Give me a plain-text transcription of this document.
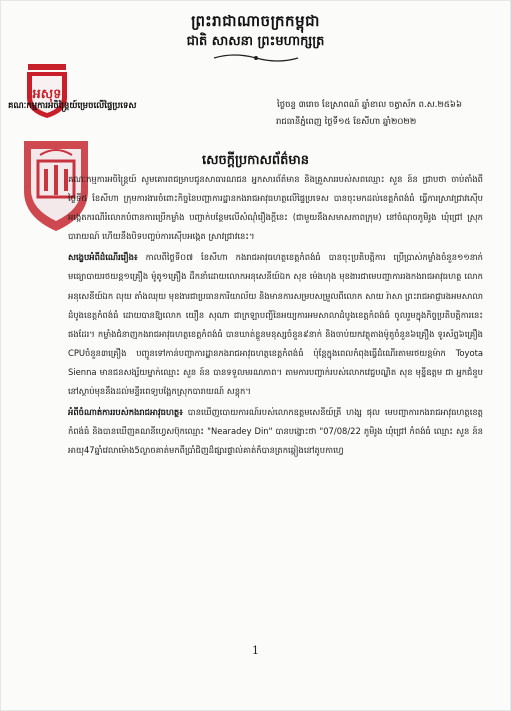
ព្រះរាជាណាចក្រកម្ពុជា
ជាតិ សាសនា ព្រះមហាក្សត្រ
អសុទ
គណៈកម្មការអចិន្ត្រៃយ៍ម្រេចលើផ្ទៃប្រទេស	ថ្ងៃចន្ទ ៣រោច ខែស្រាពណ៍ ឆ្នាំខាល ចត្វាស័ក ព.ស.២៥៦៦
រាជធានីភ្នំពេញ ថ្ងៃទី១៥ ខែសីហា ឆ្នាំ២០២២
សេចក្តីប្រកាសព័ត៌មាន

គណៈកម្មការអចិន្ត្រៃយ៍ សូមគោរពជម្រាបជូនសាធារណជន អ្នកសារព័ត៌មាន និងគ្រួសាររបស់សពឈ្មោះ សួន ន៍ន ជ្រាបថា ចាប់តាំងពីថ្ងៃទី៥ ខែសីហា ក្រុមការងារចំពោះកិច្ចនៃបញ្ហាការដ្ឋានកងរាជអាវុធហត្ថលើផ្ទៃប្រទេស បានចុះមកដល់ខេត្តកំពង់ធំ ធ្វើការស្រាវជ្រាវស៊ើបអង្កេតករណីរំលោភបំពានការប្រើកម្លាំង បញ្ជាក់បន្ថែមលើសំណុំរឿងក្តីនេះ (ជាមួយនឹងសមាសភាពក្រុម) នៅចំណុចភូមិរូង ឃុំជ្រៅ ស្រុកបារាយណ៍ ហើយនឹងបិទបញ្ចប់ការស៊ើបអង្កេត ស្រាវជ្រាវនេះ។

សង្ខេបអំពីដំណើររឿង៖ កាលពីថ្ងៃទី០៧ ខែសីហា កងរាជអាវុធហត្ថខេត្តកំពង់ធំ បានចុះប្រតិបត្តិការ ប្រើប្រាស់កម្លាំងចំនួន១១នាក់ មធ្យោបាយរថយន្ត១គ្រឿង ម៉ូតូ១គ្រឿង ដឹកនាំដោយលោកអនុសេនីយ៍ឯក សុខ ម៉េងហុង មុខងារជាមេបញ្ជាការរងកងរាជអាវុធហត្ថ លោកអនុសេនីយ៍ឯក លុយ តាំងឈុយ មុខងារជាប្រធានការិយាល័យ និងមានការសម្របសម្រួលពីលោក សាយ រ៉ាសា ព្រះរាជអាជ្ញារងអមសាលាដំបូងខេត្តកំពង់ធំ ដោយបានឱ្យលោក យឿន សុណា ជាក្រឡាបញ្ជីនៃអយ្យការអមសាលាដំបូងខេត្តកំពង់ធំ ចូលរួមក្នុងកិច្ចប្រតិបត្តិការនេះផងដែរ។ កម្លាំងជំនាញកងរាជអាវុធហត្ថខេត្តកំពង់ធំ បានឃាត់ខ្លួនមនុស្សចំនួន៩នាក់ និងចាប់យកវត្ថុតាងម៉ូតូចំនួន៦គ្រឿង ទូរស័ព្ទ៦គ្រឿង CPUចំនួន៣គ្រឿង បញ្ជូនទៅកាន់បញ្ជាការដ្ឋានកងរាជអាវុធហត្ថខេត្តកំពង់ធំ ប៉ុន្តែក្នុងពេលកំពុងធ្វើដំណើរតាមរថយន្តម៉ាក Toyota Sienna មានជនសង្ស័យម្នាក់ឈ្មោះ សួន ន៍ន បានទទួលមរណភាព។ តាមការបញ្ជាក់របស់លោកវេជ្ជបណ្ឌិត សុខ មុន្នីឧត្តម ជា អ្នកជំនួបនៅស្ថាប់មុននឹងដល់មន្ទីរពេទ្យបង្អែកស្រុកបារាយណ៍ សន្តុក។

អំពីចំណាត់ការរបស់កងរាជអាវុធហត្ថ៖ បានឃើញបោយការណ៍របស់លោកឧត្តមសេនីយ៍ត្រី ហង្ស ផុល មេបញ្ជាការកងរាជអាវុធហត្ថខេត្តកំពង់ធំ និងបានឃើញគណនីហ្វេសប៊ុកឈ្មោះ "Nearadey Din" បានបង្ហោះថា "07/08/22 ភូមិរូង ឃុំជ្រៅ កំពង់ធំ ឈ្មោះ សួន ន៍ន អាយុ47ឆ្នាំវេលាម៉ោង5ល្ងាចគាត់មកពីប្រាំជិញដ៏ផ្សារផ្ទាល់គាត់ក៏បានត្រកឆ្កៀងនៅតូបកាហ្វេ

1
